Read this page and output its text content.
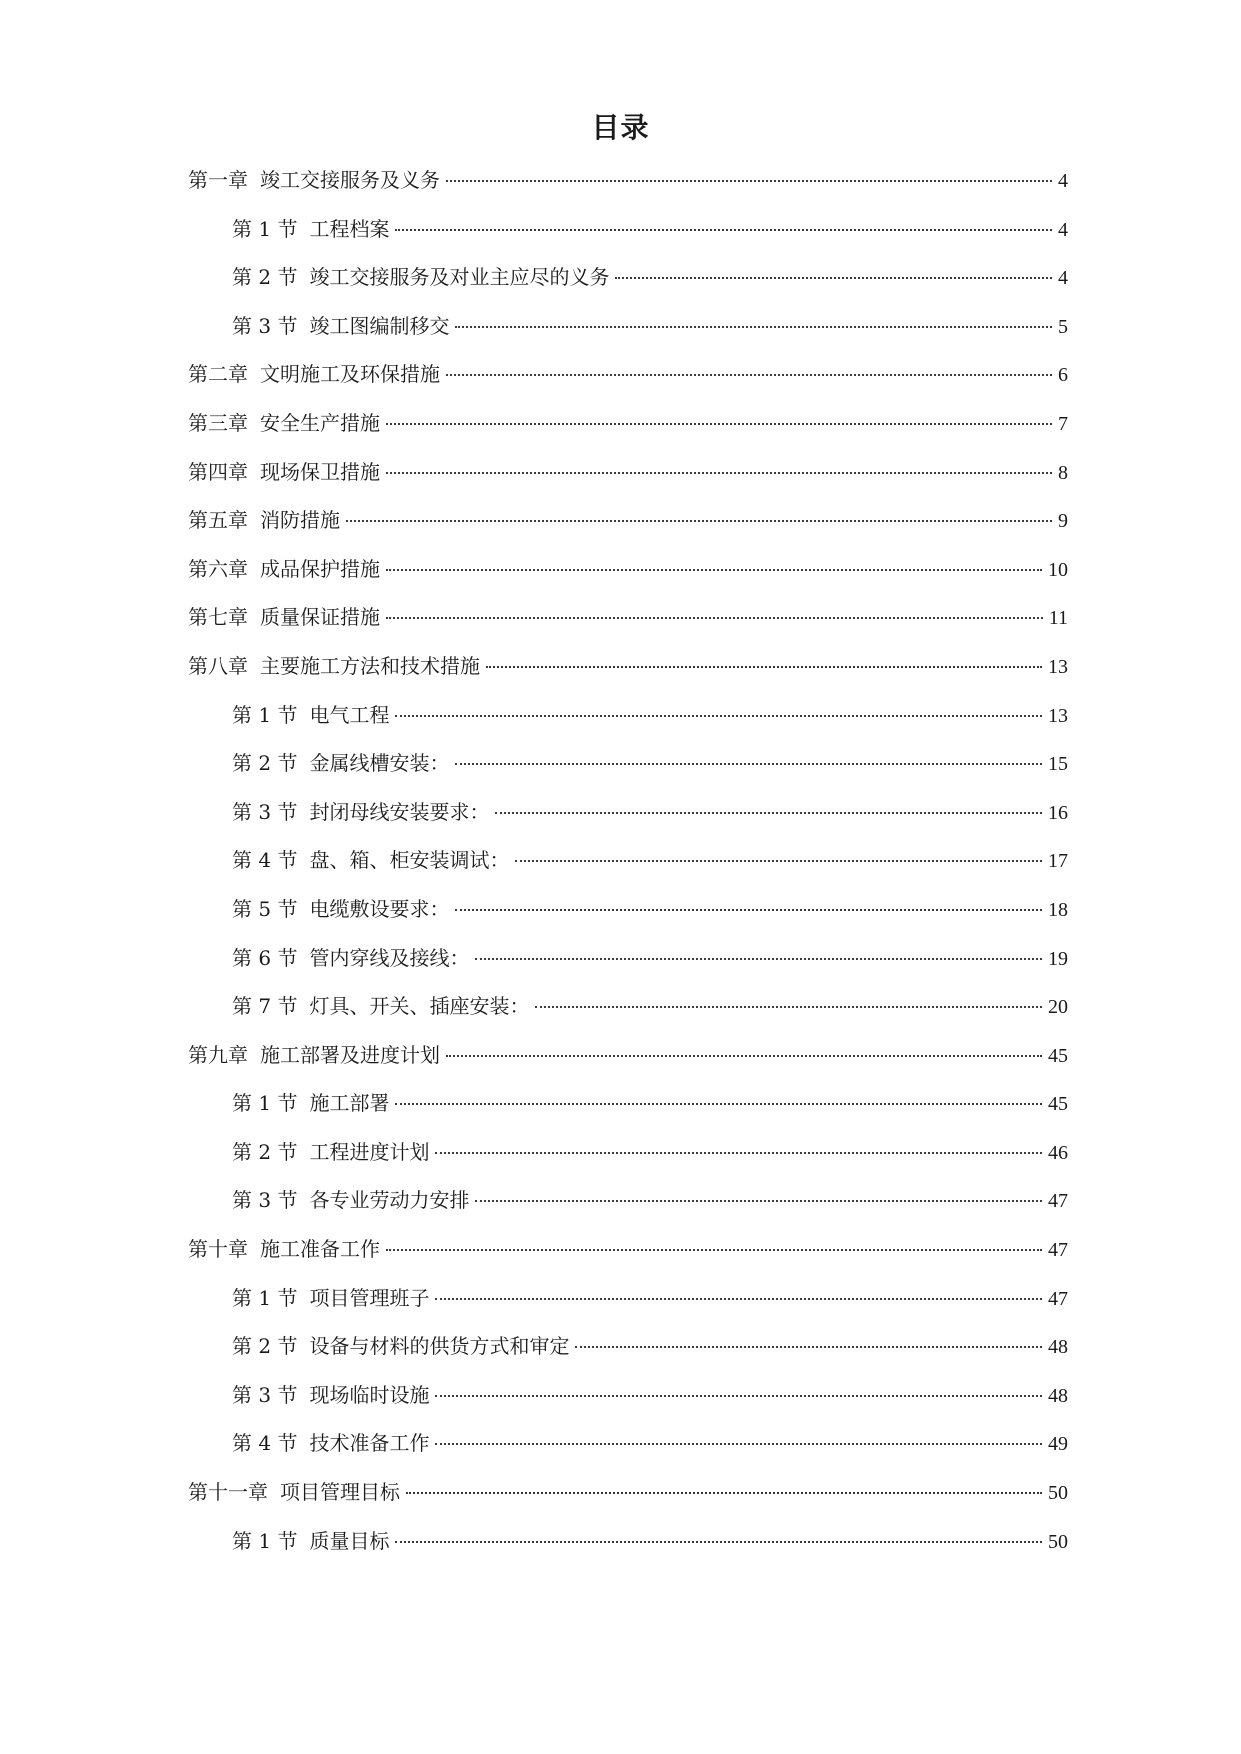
目录
第一章 竣工交接服务及义务	4
第 1 节 工程档案	4
第 2 节 竣工交接服务及对业主应尽的义务	4
第 3 节 竣工图编制移交	5
第二章 文明施工及环保措施	6
第三章 安全生产措施	7
第四章 现场保卫措施	8
第五章 消防措施	9
第六章 成品保护措施	10
第七章 质量保证措施	11
第八章 主要施工方法和技术措施	13
第 1 节 电气工程	13
第 2 节 金属线槽安装：	15
第 3 节 封闭母线安装要求：	16
第 4 节 盘、箱、柜安装调试：	17
第 5 节 电缆敷设要求：	18
第 6 节 管内穿线及接线：	19
第 7 节 灯具、开关、插座安装：	20
第九章 施工部署及进度计划	45
第 1 节 施工部署	45
第 2 节 工程进度计划	46
第 3 节 各专业劳动力安排	47
第十章 施工准备工作	47
第 1 节 项目管理班子	47
第 2 节 设备与材料的供货方式和审定	48
第 3 节 现场临时设施	48
第 4 节 技术准备工作	49
第十一章 项目管理目标	50
第 1 节 质量目标	50
